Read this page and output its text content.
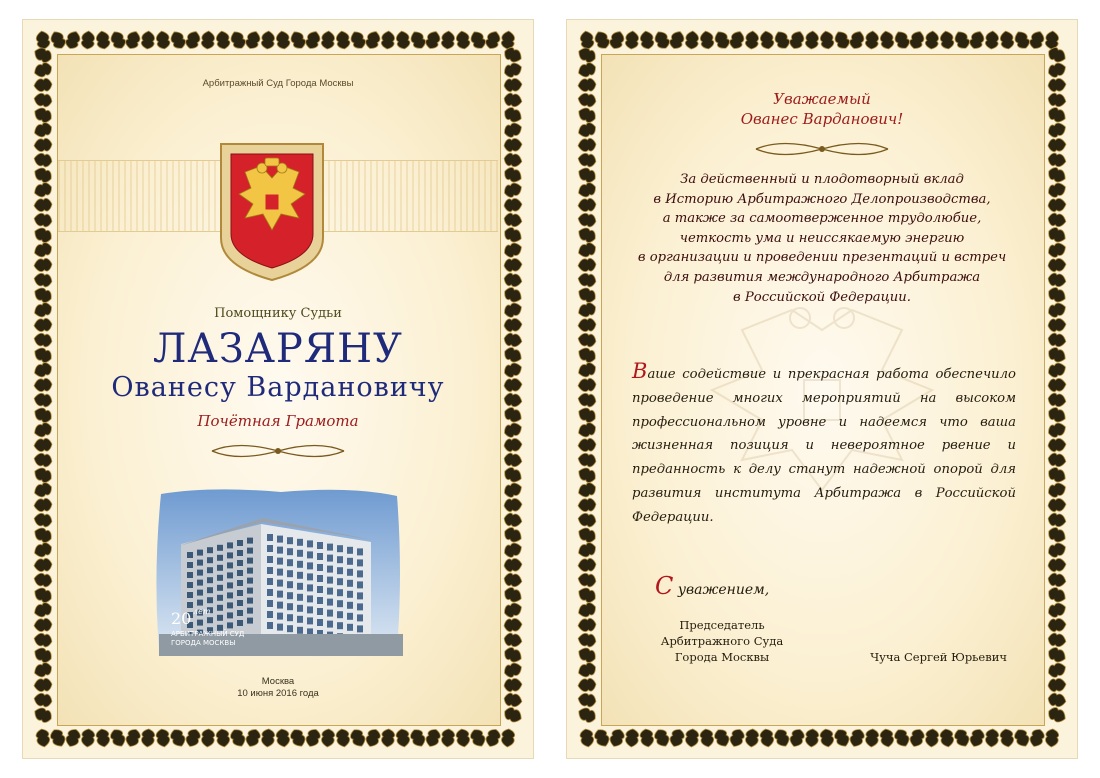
Арбитражный Суд Города Москвы
Помощнику Судьи
ЛАЗАРЯНУ
Ованесу Вардановичу
Почётная Грамота
20 лет
АРБИТРАЖНЫЙ СУД
ГОРОДА МОСКВЫ
Москва
10 июня 2016 года
Уважаемый
Ованес Варданович!
За действенный и плодотворный вклад
в Историю Арбитражного Делопроизводства,
а также за самоотверженное трудолюбие,
четкость ума и неиссякаемую энергию
в организации и проведении презентаций и встреч
для развития международного Арбитража
в Российской Федерации.
Ваше содействие и прекрасная работа обеспечило проведение многих мероприятий на высоком профессиональном уровне и надеемся что ваша жизненная позиция и невероятное рвение и преданность к делу станут надежной опорой для развития института Арбитража в Российской Федерации.
С уважением,
Председатель
Арбитражного Суда
Города Москвы	Чуча Сергей Юрьевич
